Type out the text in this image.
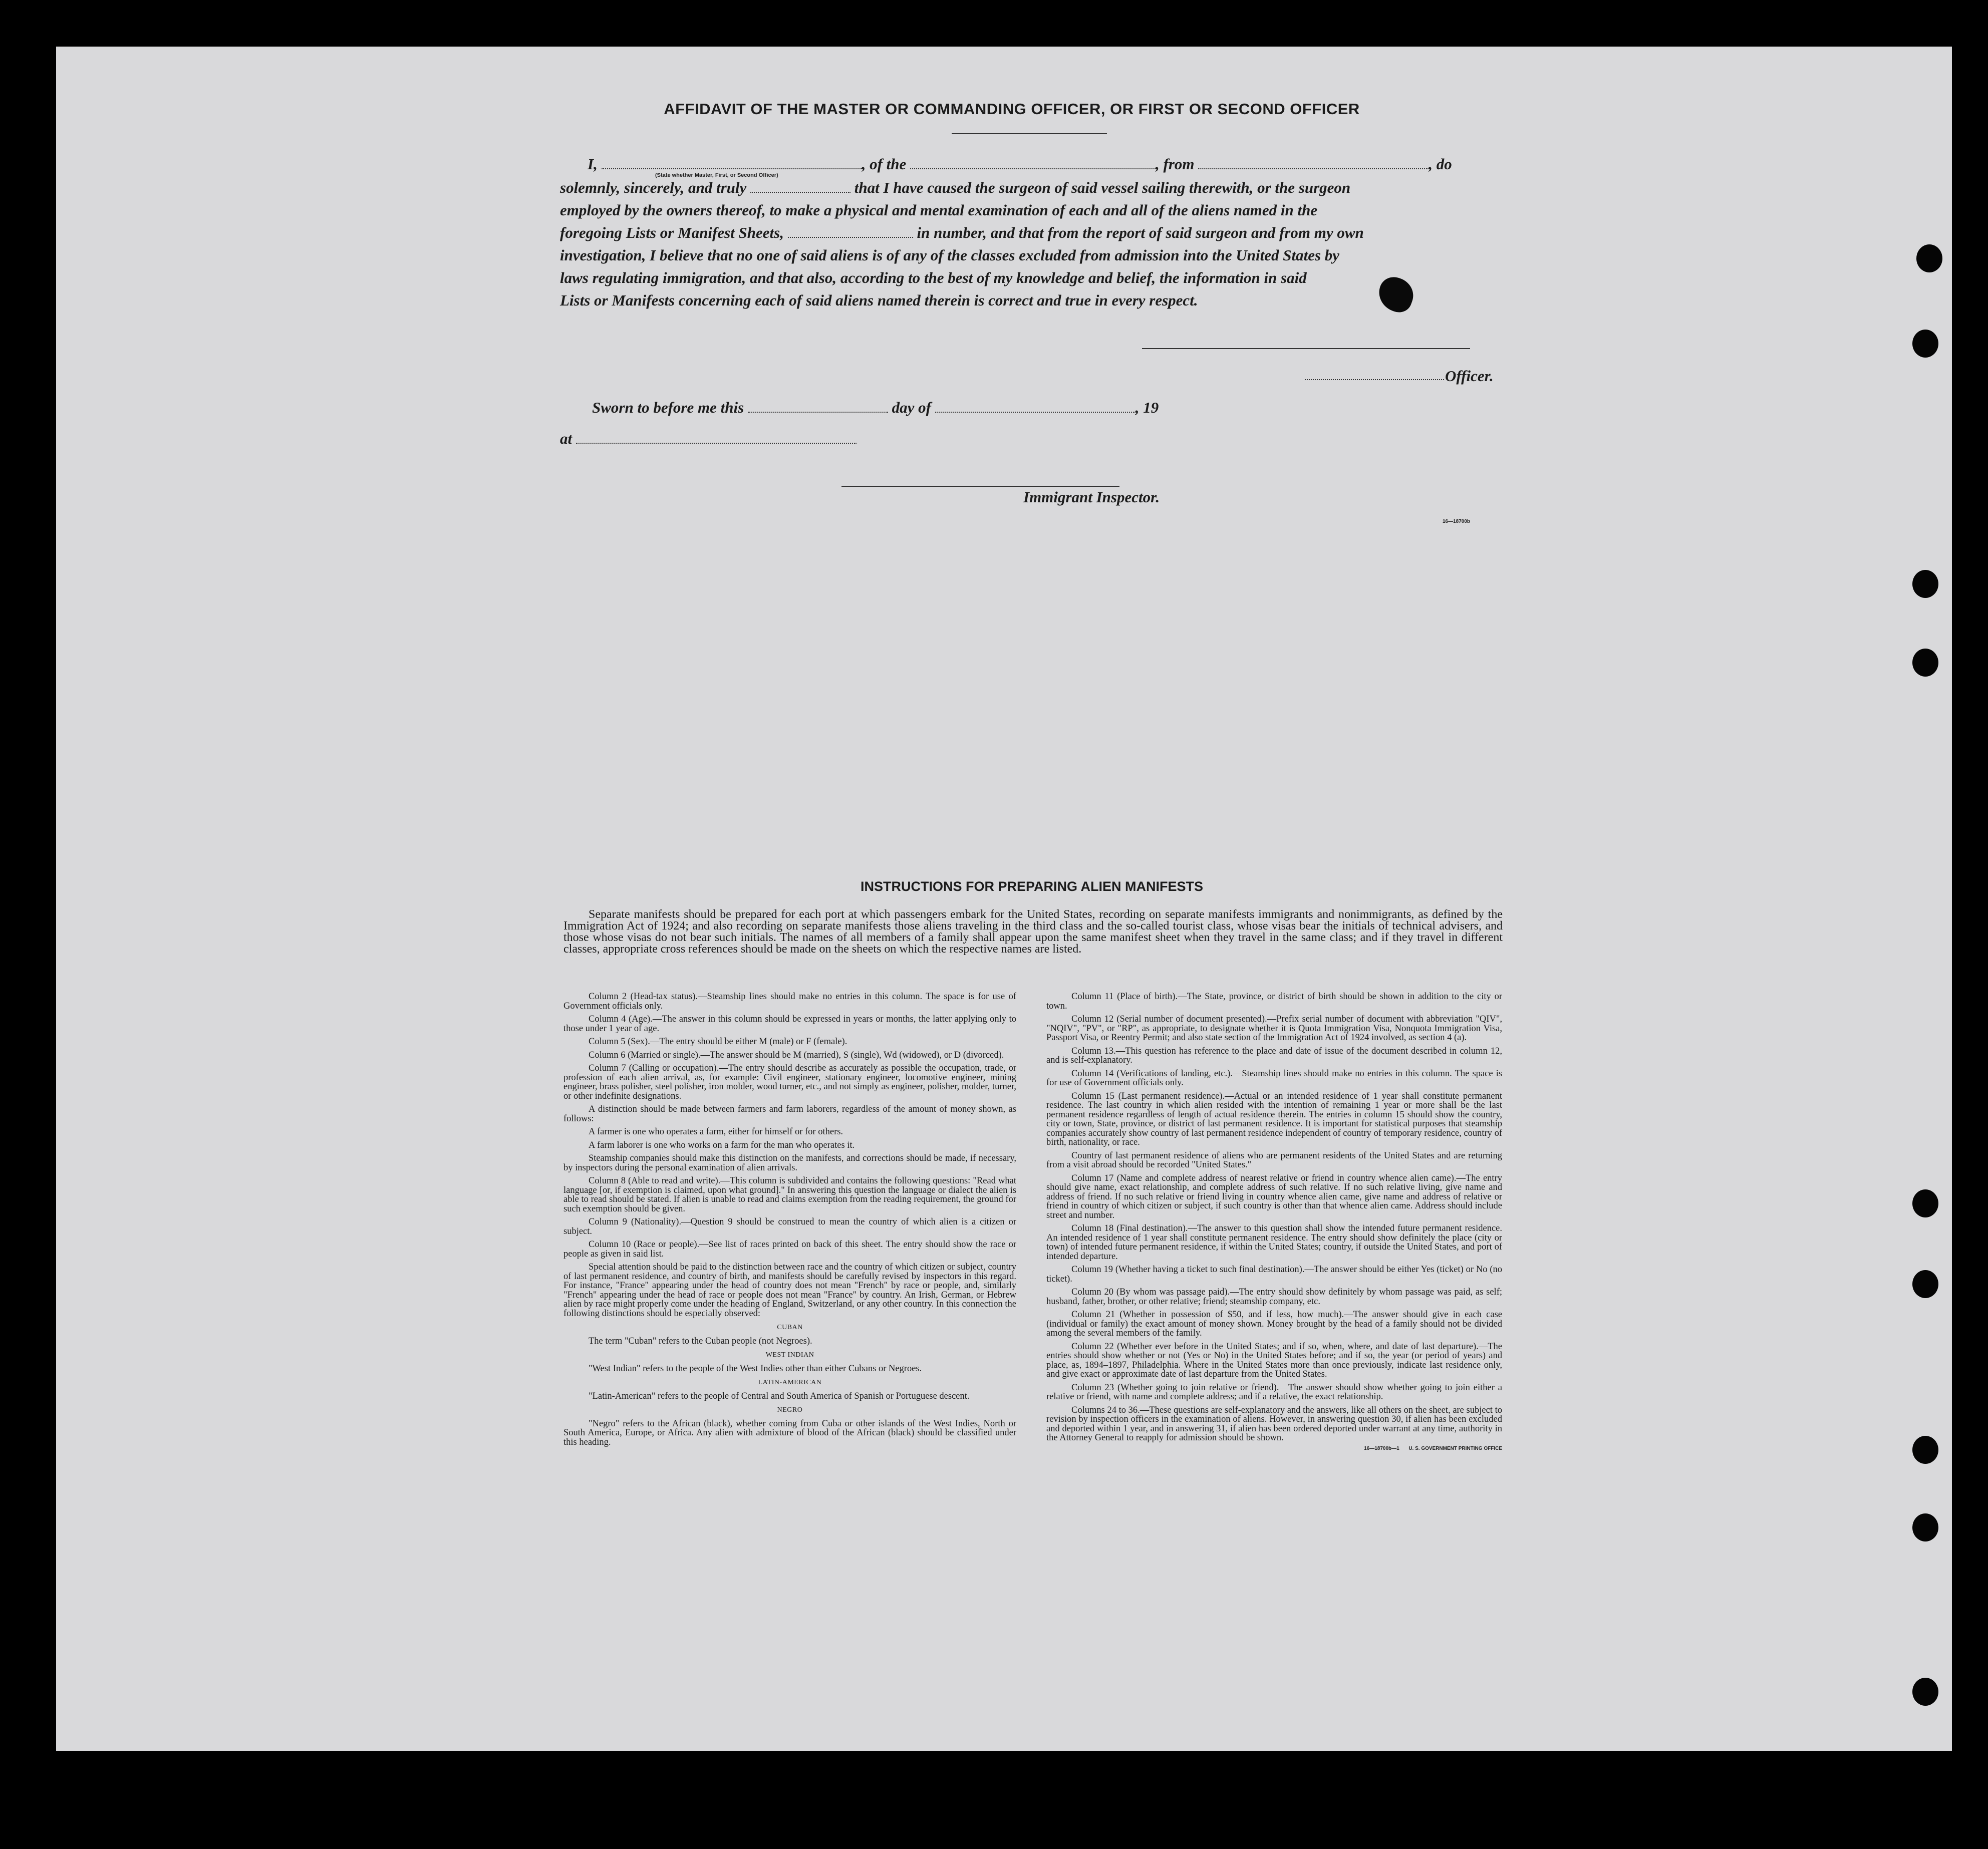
AFFIDAVIT OF THE MASTER OR COMMANDING OFFICER, OR FIRST OR SECOND OFFICER
I,	, of the	, from	, do
(State whether Master, First, or Second Officer)
solemnly, sincerely, and truly	that I have caused the surgeon of said vessel sailing therewith, or the surgeon
employed by the owners thereof, to make a physical and mental examination of each and all of the aliens named in the
foregoing Lists or Manifest Sheets,	in number, and that from the report of said surgeon and from my own
investigation, I believe that no one of said aliens is of any of the classes excluded from admission into the United States by
laws regulating immigration, and that also, according to the best of my knowledge and belief, the information in said
Lists or Manifests concerning each of said aliens named therein is correct and true in every respect.
Officer.
Sworn to before me this	day of	, 19
at
Immigrant Inspector.
16—18700b
INSTRUCTIONS FOR PREPARING ALIEN MANIFESTS
Separate manifests should be prepared for each port at which passengers embark for the United States, recording on separate manifests immigrants and nonimmigrants, as defined by the Immigration Act of 1924; and also recording on separate manifests those aliens traveling in the third class and the so-called tourist class, whose visas bear the initials of technical advisers, and those whose visas do not bear such initials. The names of all members of a family shall appear upon the same manifest sheet when they travel in the same class; and if they travel in different classes, appropriate cross references should be made on the sheets on which the respective names are listed.

Column 2 (Head-tax status).—Steamship lines should make no entries in this column. The space is for use of Government officials only.

Column 4 (Age).—The answer in this column should be expressed in years or months, the latter applying only to those under 1 year of age.

Column 5 (Sex).—The entry should be either M (male) or F (female).

Column 6 (Married or single).—The answer should be M (married), S (single), Wd (widowed), or D (divorced).

Column 7 (Calling or occupation).—The entry should describe as accurately as possible the occupation, trade, or profession of each alien arrival, as, for example: Civil engineer, stationary engineer, locomotive engineer, mining engineer, brass polisher, steel polisher, iron molder, wood turner, etc., and not simply as engineer, polisher, molder, turner, or other indefinite designations.

A distinction should be made between farmers and farm laborers, regardless of the amount of money shown, as follows:

A farmer is one who operates a farm, either for himself or for others.

A farm laborer is one who works on a farm for the man who operates it.

Steamship companies should make this distinction on the manifests, and corrections should be made, if necessary, by inspectors during the personal examination of alien arrivals.

Column 8 (Able to read and write).—This column is subdivided and contains the following questions: "Read what language [or, if exemption is claimed, upon what ground]." In answering this question the language or dialect the alien is able to read should be stated. If alien is unable to read and claims exemption from the reading requirement, the ground for such exemption should be given.

Column 9 (Nationality).—Question 9 should be construed to mean the country of which alien is a citizen or subject.

Column 10 (Race or people).—See list of races printed on back of this sheet. The entry should show the race or people as given in said list.

Special attention should be paid to the distinction between race and the country of which citizen or subject, country of last permanent residence, and country of birth, and manifests should be carefully revised by inspectors in this regard. For instance, "France" appearing under the head of country does not mean "French" by race or people, and, similarly "French" appearing under the head of race or people does not mean "France" by country. An Irish, German, or Hebrew alien by race might properly come under the heading of England, Switzerland, or any other country. In this connection the following distinctions should be especially observed:

CUBAN

The term "Cuban" refers to the Cuban people (not Negroes).

WEST INDIAN

"West Indian" refers to the people of the West Indies other than either Cubans or Negroes.

LATIN-AMERICAN

"Latin-American" refers to the people of Central and South America of Spanish or Portuguese descent.

NEGRO

"Negro" refers to the African (black), whether coming from Cuba or other islands of the West Indies, North or South America, Europe, or Africa. Any alien with admixture of blood of the African (black) should be classified under this heading.

Column 11 (Place of birth).—The State, province, or district of birth should be shown in addition to the city or town.

Column 12 (Serial number of document presented).—Prefix serial number of document with abbreviation "QIV", "NQIV", "PV", or "RP", as appropriate, to designate whether it is Quota Immigration Visa, Nonquota Immigration Visa, Passport Visa, or Reentry Permit; and also state section of the Immigration Act of 1924 involved, as section 4 (a).

Column 13.—This question has reference to the place and date of issue of the document described in column 12, and is self-explanatory.

Column 14 (Verifications of landing, etc.).—Steamship lines should make no entries in this column. The space is for use of Government officials only.

Column 15 (Last permanent residence).—Actual or an intended residence of 1 year shall constitute permanent residence. The last country in which alien resided with the intention of remaining 1 year or more shall be the last permanent residence regardless of length of actual residence therein. The entries in column 15 should show the country, city or town, State, province, or district of last permanent residence. It is important for statistical purposes that steamship companies accurately show country of last permanent residence independent of country of temporary residence, country of birth, nationality, or race.

Country of last permanent residence of aliens who are permanent residents of the United States and are returning from a visit abroad should be recorded "United States."

Column 17 (Name and complete address of nearest relative or friend in country whence alien came).—The entry should give name, exact relationship, and complete address of such relative. If no such relative living, give name and address of friend. If no such relative or friend living in country whence alien came, give name and address of relative or friend in country of which citizen or subject, if such country is other than that whence alien came. Address should include street and number.

Column 18 (Final destination).—The answer to this question shall show the intended future permanent residence. An intended residence of 1 year shall constitute permanent residence. The entry should show definitely the place (city or town) of intended future permanent residence, if within the United States; country, if outside the United States, and port of intended departure.

Column 19 (Whether having a ticket to such final destination).—The answer should be either Yes (ticket) or No (no ticket).

Column 20 (By whom was passage paid).—The entry should show definitely by whom passage was paid, as self; husband, father, brother, or other relative; friend; steamship company, etc.

Column 21 (Whether in possession of $50, and if less, how much).—The answer should give in each case (individual or family) the exact amount of money shown. Money brought by the head of a family should not be divided among the several members of the family.

Column 22 (Whether ever before in the United States; and if so, when, where, and date of last departure).—The entries should show whether or not (Yes or No) in the United States before; and if so, the year (or period of years) and place, as, 1894–1897, Philadelphia. Where in the United States more than once previously, indicate last residence only, and give exact or approximate date of last departure from the United States.

Column 23 (Whether going to join relative or friend).—The answer should show whether going to join either a relative or friend, with name and complete address; and if a relative, the exact relationship.

Columns 24 to 36.—These questions are self-explanatory and the answers, like all others on the sheet, are subject to revision by inspection officers in the examination of aliens. However, in answering question 30, if alien has been excluded and deported within 1 year, and in answering 31, if alien has been ordered deported under warrant at any time, authority in the Attorney General to reapply for admission should be shown.

16—18700b—1 U. S. GOVERNMENT PRINTING OFFICE
